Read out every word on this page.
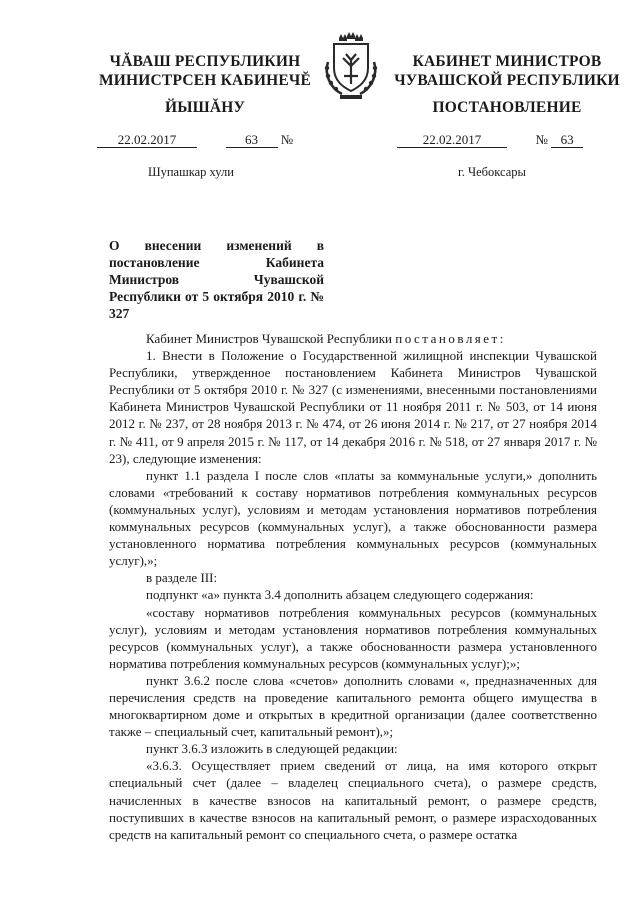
ЧĂВАШ РЕСПУБЛИКИН
МИНИСТРСЕН КАБИНЕЧĔ
КАБИНЕТ МИНИСТРОВ
ЧУВАШСКОЙ РЕСПУБЛИКИ
ЙЫШĂНУ	ПОСТАНОВЛЕНИЕ
22.02.2017	63 №	22.02.2017	№ 63
Шупашкар хули	г. Чебоксары
О внесении изменений в постановление Кабинета Министров Чувашской Республики от 5 октября 2010 г. № 327

Кабинет Министров Чувашской Республики постановляет:

1. Внести в Положение о Государственной жилищной инспекции Чувашской Республики, утвержденное постановлением Кабинета Министров Чувашской Республики от 5 октября 2010 г. № 327 (с изменениями, внесенными постановлениями Кабинета Министров Чувашской Республики от 11 ноября 2011 г. № 503, от 14 июня 2012 г. № 237, от 28 ноября 2013 г. № 474, от 26 июня 2014 г. № 217, от 27 ноября 2014 г. № 411, от 9 апреля 2015 г. № 117, от 14 декабря 2016 г. № 518, от 27 января 2017 г. № 23), следующие изменения:

пункт 1.1 раздела I после слов «платы за коммунальные услуги,» дополнить словами «требований к составу нормативов потребления коммунальных ресурсов (коммунальных услуг), условиям и методам установления нормативов потребления коммунальных ресурсов (коммунальных услуг), а также обоснованности размера установленного норматива потребления коммунальных ресурсов (коммунальных услуг),»;

в разделе III:

подпункт «а» пункта 3.4 дополнить абзацем следующего содержания:

«составу нормативов потребления коммунальных ресурсов (коммунальных услуг), условиям и методам установления нормативов потребления коммунальных ресурсов (коммунальных услуг), а также обоснованности размера установленного норматива потребления коммунальных ресурсов (коммунальных услуг);»;

пункт 3.6.2 после слова «счетов» дополнить словами «, предназначенных для перечисления средств на проведение капитального ремонта общего имущества в многоквартирном доме и открытых в кредитной организации (далее соответственно также – специальный счет, капитальный ремонт),»;

пункт 3.6.3 изложить в следующей редакции:

«3.6.3. Осуществляет прием сведений от лица, на имя которого открыт специальный счет (далее – владелец специального счета), о размере средств, начисленных в качестве взносов на капитальный ремонт, о размере средств, поступивших в качестве взносов на капитальный ремонт, о размере израсходованных средств на капитальный ремонт со специального счета, о размере остатка
